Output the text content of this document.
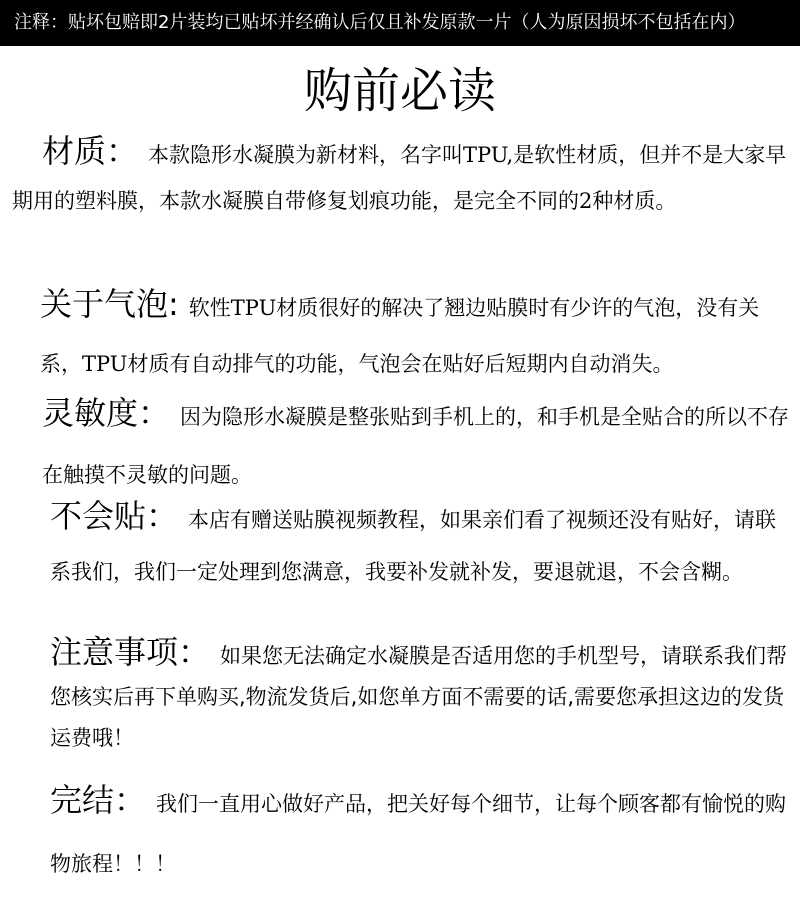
注释：贴坏包赔即2片装均已贴坏并经确认后仅且补发原款一片（人为原因损坏不包括在内）
购前必读
材质： 本款隐形水凝膜为新材料，名字叫TPU,是软性材质，但并不是大家早期用的塑料膜，本款水凝膜自带修复划痕功能，是完全不同的2种材质。
关于气泡: 软性TPU材质很好的解决了翘边贴膜时有少许的气泡，没有关系，TPU材质有自动排气的功能，气泡会在贴好后短期内自动消失。
灵敏度： 因为隐形水凝膜是整张贴到手机上的，和手机是全贴合的所以不存在触摸不灵敏的问题。
不会贴： 本店有赠送贴膜视频教程，如果亲们看了视频还没有贴好，请联系我们，我们一定处理到您满意，我要补发就补发，要退就退，不会含糊。
注意事项： 如果您无法确定水凝膜是否适用您的手机型号，请联系我们帮您核实后再下单购买,物流发货后,如您单方面不需要的话,需要您承担这边的发货运费哦！
完结： 我们一直用心做好产品，把关好每个细节，让每个顾客都有愉悦的购物旅程！！！
